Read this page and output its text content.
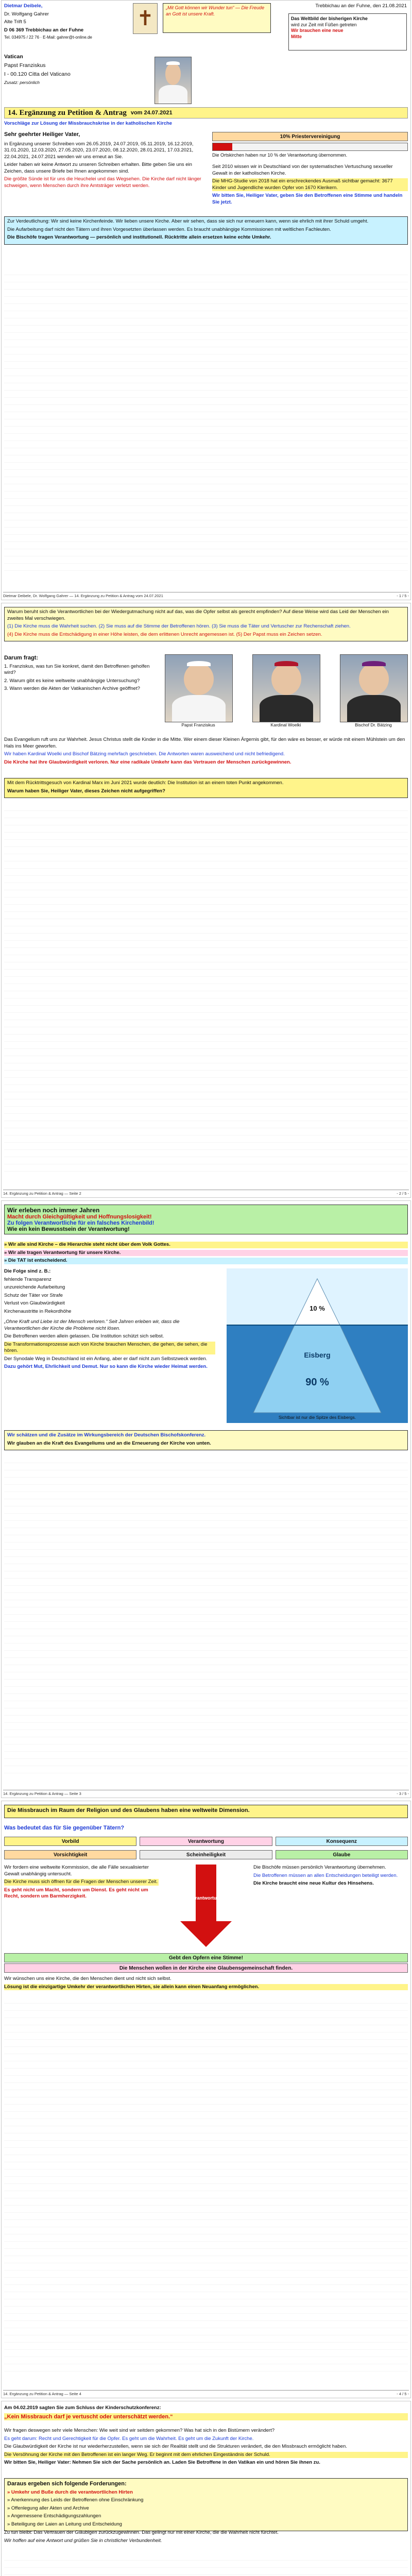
Dietmar Deibele,

Dr. Wolfgang Gahrer

Alte Trift 5

D 06 369 Trebbichau an der Fuhne

Tel. 034975 / 22 76 · E-Mail: gahrer@t-online.de

✝	„Mit Gott können wir Wunder tun“ — Die Freude an Gott ist unsere Kraft.

Trebbichau an der Fuhne, den 21.08.2021

Das Weltbild der bisherigen Kirche
wird zur Zeit mit Füßen getreten
Wir brauchen eine neue
Mitte

Vatican

Papst Franziskus

I - 00.120 Citta del Vaticano

Zusatz: persönlich

14. Ergänzung zu Petition & Antrag vom 24.07.2021

Vorschläge zur Lösung der Missbrauchskrise in der katholischen Kirche

Sehr geehrter Heiliger Vater,

in Ergänzung unserer Schreiben vom 26.05.2019, 24.07.2019, 05.11.2019, 16.12.2019, 31.01.2020, 12.03.2020, 27.05.2020, 23.07.2020, 08.12.2020, 28.01.2021, 17.03.2021, 22.04.2021, 24.07.2021 wenden wir uns erneut an Sie.

Leider haben wir keine Antwort zu unseren Schreiben erhalten. Bitte geben Sie uns ein Zeichen, dass unsere Briefe bei Ihnen angekommen sind.

Die größte Sünde ist für uns die Heuchelei und das Wegsehen. Die Kirche darf nicht länger schweigen, wenn Menschen durch ihre Amtsträger verletzt werden.

10% Priestervereinigung

Die Ortskirchen haben nur 10 % der Verantwortung übernommen.

Seit 2010 wissen wir in Deutschland von der systematischen Vertuschung sexueller Gewalt in der katholischen Kirche.

Die MHG-Studie von 2018 hat ein erschreckendes Ausmaß sichtbar gemacht: 3677 Kinder und Jugendliche wurden Opfer von 1670 Klerikern.

Wir bitten Sie, Heiliger Vater, geben Sie den Betroffenen eine Stimme und handeln Sie jetzt.

Zur Verdeutlichung: Wir sind keine Kirchenfeinde. Wir lieben unsere Kirche. Aber wir sehen, dass sie sich nur erneuern kann, wenn sie ehrlich mit ihrer Schuld umgeht.

Die Aufarbeitung darf nicht den Tätern und ihren Vorgesetzten überlassen werden. Es braucht unabhängige Kommissionen mit weltlichen Fachleuten.

Die Bischöfe tragen Verantwortung — persönlich und institutionell. Rücktritte allein ersetzen keine echte Umkehr.

Dietmar Deibele, Dr. Wolfgang Gahrer — 14. Ergänzung zu Petition & Antrag vom 24.07.2021	- 1 / 5 -

Warum beruht sich die Verantwortlichen bei der Wiedergutmachung nicht auf das, was die Opfer selbst als gerecht empfinden? Auf diese Weise wird das Leid der Menschen ein zweites Mal verschwiegen.

(1) Die Kirche muss die Wahrheit suchen. (2) Sie muss auf die Stimme der Betroffenen hören. (3) Sie muss die Täter und Vertuscher zur Rechenschaft ziehen.

(4) Die Kirche muss die Entschädigung in einer Höhe leisten, die dem erlittenen Unrecht angemessen ist. (5) Der Papst muss ein Zeichen setzen.

Darum fragt:

1. Franziskus, was tun Sie konkret, damit den Betroffenen geholfen wird?

2. Warum gibt es keine weltweite unabhängige Untersuchung?

3. Wann werden die Akten der Vatikanischen Archive geöffnet?

Papst Franziskus	Kardinal Woelki	Bischof Dr. Bätzing

Das Evangelium ruft uns zur Wahrheit. Jesus Christus stellt die Kinder in die Mitte. Wer einem dieser Kleinen Ärgernis gibt, für den wäre es besser, er würde mit einem Mühlstein um den Hals ins Meer geworfen.

Wir haben Kardinal Woelki und Bischof Bätzing mehrfach geschrieben. Die Antworten waren ausweichend und nicht befriedigend.

Die Kirche hat ihre Glaubwürdigkeit verloren. Nur eine radikale Umkehr kann das Vertrauen der Menschen zurückgewinnen.

Mit dem Rücktrittsgesuch von Kardinal Marx im Juni 2021 wurde deutlich: Die Institution ist an einem toten Punkt angekommen.

Warum haben Sie, Heiliger Vater, dieses Zeichen nicht aufgegriffen?

14. Ergänzung zu Petition & Antrag — Seite 2	- 2 / 5 -
Wir erleben noch immer Jahren
Macht durch Gleichgültigkeit und Hoffnungslosigkeit!
Zu folgen Verantwortliche für ein falsches Kirchenbild!
Wie ein kein Bewusstsein der Verantwortung!

» Wir alle sind Kirche – die Hierarchie steht nicht über dem Volk Gottes.

» Wir alle tragen Verantwortung für unsere Kirche.

» Die TAT ist entscheidend.

Die Folge sind z. B.:

fehlende Transparenz

unzureichende Aufarbeitung

Schutz der Täter vor Strafe

Verlust von Glaubwürdigkeit

Kirchenaustritte in Rekordhöhe

„Ohne Kraft und Liebe ist der Mensch verloren.“ Seit Jahren erleben wir, dass die Verantwortlichen der Kirche die Probleme nicht lösen.

Die Betroffenen werden allein gelassen. Die Institution schützt sich selbst.

Die Transformationsprozesse auch von Kirche brauchen Menschen, die gehen, die sehen, die hören.

Der Synodale Weg in Deutschland ist ein Anfang, aber er darf nicht zum Selbstzweck werden.

Dazu gehört Mut, Ehrlichkeit und Demut. Nur so kann die Kirche wieder Heimat werden.

10 %
Eisberg
90 %
Sichtbar ist nur die Spitze des Eisbergs.

Wir schätzen und die Zusätze im Wirkungsbereich der Deutschen Bischofskonferenz.

Wir glauben an die Kraft des Evangeliums und an die Erneuerung der Kirche von unten.

14. Ergänzung zu Petition & Antrag — Seite 3	- 3 / 5 -

Die Missbrauch im Raum der Religion und des Glaubens haben eine weltweite Dimension.

Was bedeutet das für Sie gegenüber Tätern?

Vorbild	Verantwortung	Konsequenz
Vorsichtigkeit	Scheinheiligkeit	Glaube

Wir fordern eine weltweite Kommission, die alle Fälle sexualisierter Gewalt unabhängig untersucht.

Die Kirche muss sich öffnen für die Fragen der Menschen unserer Zeit.

Es geht nicht um Macht, sondern um Dienst. Es geht nicht um Recht, sondern um Barmherzigkeit.	Verantwortung

Die Bischöfe müssen persönlich Verantwortung übernehmen.

Die Betroffenen müssen an allen Entscheidungen beteiligt werden.

Die Kirche braucht eine neue Kultur des Hinsehens.

Gebt den Opfern eine Stimme!
Die Menschen wollen in der Kirche eine Glaubensgemeinschaft finden.

Wir wünschen uns eine Kirche, die den Menschen dient und nicht sich selbst.

Lösung ist die einzigartige Umkehr der verantwortlichen Hirten, sie allein kann einen Neuanfang ermöglichen.

14. Ergänzung zu Petition & Antrag — Seite 4	- 4 / 5 -

Am 04.02.2019 sagten Sie zum Schluss der Kinderschutzkonferenz:

„Kein Missbrauch darf je vertuscht oder unterschätzt werden.“

Wir fragen deswegen sehr viele Menschen: Wie weit sind wir seitdem gekommen? Was hat sich in den Bistümern verändert?

Es geht darum: Recht und Gerechtigkeit für die Opfer. Es geht um die Wahrheit. Es geht um die Zukunft der Kirche.

Die Glaubwürdigkeit der Kirche ist nur wiederherzustellen, wenn sie sich der Realität stellt und die Strukturen verändert, die den Missbrauch ermöglicht haben.

Die Versöhnung der Kirche mit den Betroffenen ist ein langer Weg. Er beginnt mit dem ehrlichen Eingeständnis der Schuld.

Wir bitten Sie, Heiliger Vater: Nehmen Sie sich der Sache persönlich an. Laden Sie Betroffene in den Vatikan ein und hören Sie ihnen zu.

Daraus ergeben sich folgende Forderungen:

» Umkehr und Buße durch die verantwortlichen Hirten

» Anerkennung des Leids der Betroffenen ohne Einschränkung

» Offenlegung aller Akten und Archive

» Angemessene Entschädigungszahlungen

» Beteiligung der Laien an Leitung und Entscheidung

Zu tun bleibt: Das Vertrauen der Gläubigen zurückzugewinnen. Das gelingt nur mit einer Kirche, die die Wahrheit nicht fürchtet.

Wir hoffen auf eine Antwort und grüßen Sie in christlicher Verbundenheit.
